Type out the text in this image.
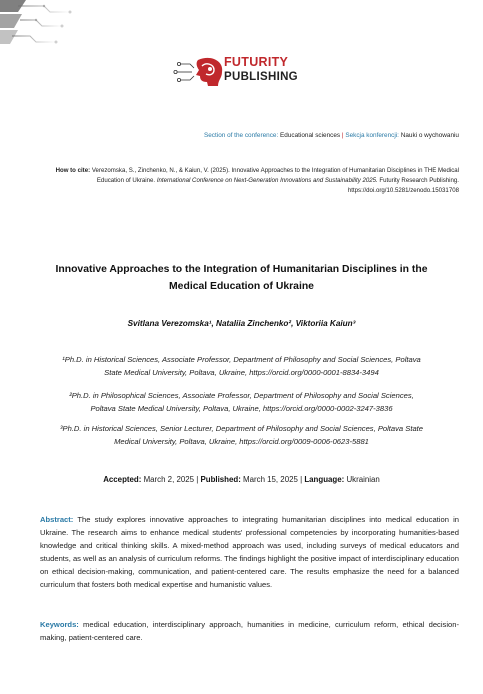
FUTURITY
PUBLISHING
Section of the conference: Educational sciences | Sekcja konferencji: Nauki o wychowaniu
How to cite: Verezomska, S., Zinchenko, N., & Kaiun, V. (2025). Innovative Approaches to the Integration of Humanitarian Disciplines in THE Medical Education of Ukraine. International Conference on Next-Generation Innovations and Sustainability 2025. Futurity Research Publishing. https://doi.org/10.5281/zenodo.15031708
Innovative Approaches to the Integration of Humanitarian Disciplines in the Medical Education of Ukraine
Svitlana Verezomska¹, Nataliia Zinchenko², Viktoriia Kaiun³
¹Ph.D. in Historical Sciences, Associate Professor, Department of Philosophy and Social Sciences, Poltava State Medical University, Poltava, Ukraine, https://orcid.org/0000-0001-8834-3494
²Ph.D. in Philosophical Sciences, Associate Professor, Department of Philosophy and Social Sciences, Poltava State Medical University, Poltava, Ukraine, https://orcid.org/0000-0002-3247-3836
³Ph.D. in Historical Sciences, Senior Lecturer, Department of Philosophy and Social Sciences, Poltava State Medical University, Poltava, Ukraine, https://orcid.org/0009-0006-0623-5881
Accepted: March 2, 2025 | Published: March 15, 2025 | Language: Ukrainian
Abstract: The study explores innovative approaches to integrating humanitarian disciplines into medical education in Ukraine. The research aims to enhance medical students' professional competencies by incorporating humanities-based knowledge and critical thinking skills. A mixed-method approach was used, including surveys of medical educators and students, as well as an analysis of curriculum reforms. The findings highlight the positive impact of interdisciplinary education on ethical decision-making, communication, and patient-centered care. The results emphasize the need for a balanced curriculum that fosters both medical expertise and humanistic values.
Keywords: medical education, interdisciplinary approach, humanities in medicine, curriculum reform, ethical decision-making, patient-centered care.
